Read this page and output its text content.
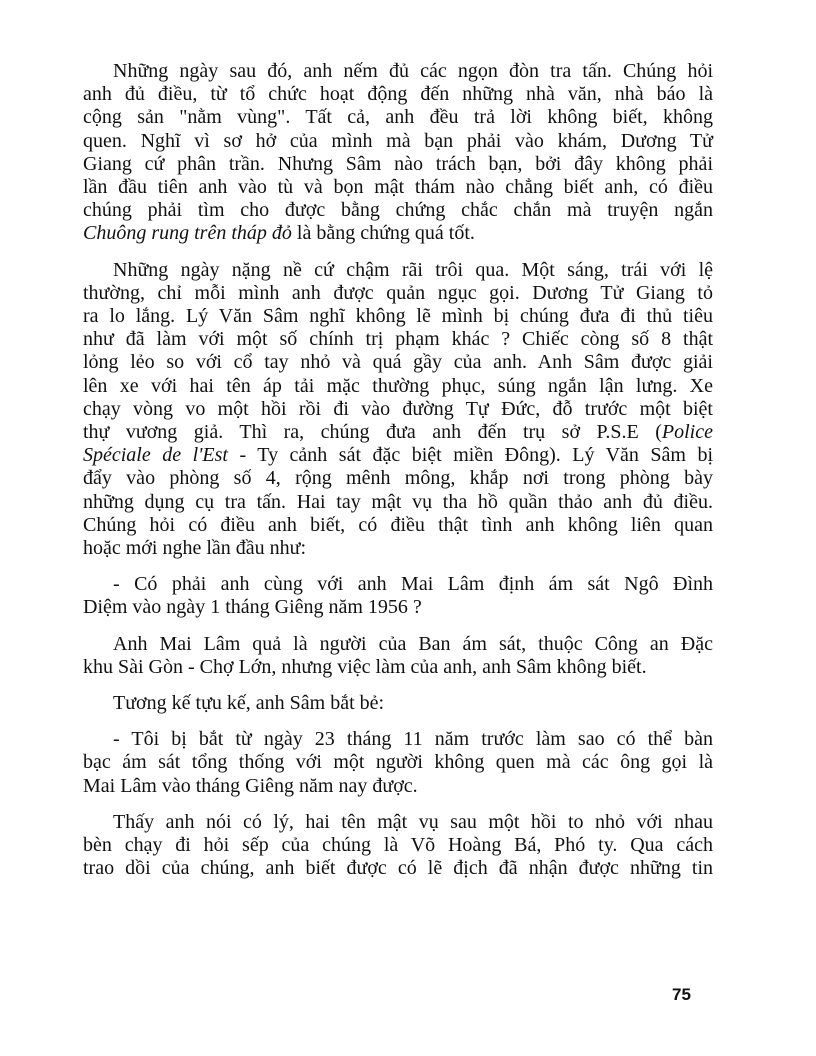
Những ngày sau đó, anh nếm đủ các ngọn đòn tra tấn. Chúng hỏi
anh đủ điều, từ tổ chức hoạt động đến những nhà văn, nhà báo là
cộng sản "nằm vùng". Tất cả, anh đều trả lời không biết, không
quen. Nghĩ vì sơ hở của mình mà bạn phải vào khám, Dương Tử
Giang cứ phân trần. Nhưng Sâm nào trách bạn, bởi đây không phải
lần đầu tiên anh vào tù và bọn mật thám nào chẳng biết anh, có điều
chúng phải tìm cho được bằng chứng chắc chắn mà truyện ngắn
Chuông rung trên tháp đỏ là bằng chứng quá tốt.
Những ngày nặng nề cứ chậm rãi trôi qua. Một sáng, trái với lệ
thường, chỉ mỗi mình anh được quản ngục gọi. Dương Tử Giang tỏ
ra lo lắng. Lý Văn Sâm nghĩ không lẽ mình bị chúng đưa đi thủ tiêu
như đã làm với một số chính trị phạm khác ? Chiếc còng số 8 thật
lỏng lẻo so với cổ tay nhỏ và quá gầy của anh. Anh Sâm được giải
lên xe với hai tên áp tải mặc thường phục, súng ngắn lận lưng. Xe
chạy vòng vo một hồi rồi đi vào đường Tự Đức, đỗ trước một biệt
thự vương giả. Thì ra, chúng đưa anh đến trụ sở P.S.E (Police
Spéciale de l'Est - Ty cảnh sát đặc biệt miền Đông). Lý Văn Sâm bị
đẩy vào phòng số 4, rộng mênh mông, khắp nơi trong phòng bày
những dụng cụ tra tấn. Hai tay mật vụ tha hồ quần thảo anh đủ điều.
Chúng hỏi có điều anh biết, có điều thật tình anh không liên quan
hoặc mới nghe lần đầu như:
- Có phải anh cùng với anh Mai Lâm định ám sát Ngô Đình
Diệm vào ngày 1 tháng Giêng năm 1956 ?
Anh Mai Lâm quả là người của Ban ám sát, thuộc Công an Đặc
khu Sài Gòn - Chợ Lớn, nhưng việc làm của anh, anh Sâm không biết.
Tương kế tựu kế, anh Sâm bắt bẻ:
- Tôi bị bắt từ ngày 23 tháng 11 năm trước làm sao có thể bàn
bạc ám sát tổng thống với một người không quen mà các ông gọi là
Mai Lâm vào tháng Giêng năm nay được.
Thấy anh nói có lý, hai tên mật vụ sau một hồi to nhỏ với nhau
bèn chạy đi hỏi sếp của chúng là Võ Hoàng Bá, Phó ty. Qua cách
trao dồi của chúng, anh biết được có lẽ địch đã nhận được những tin
75
